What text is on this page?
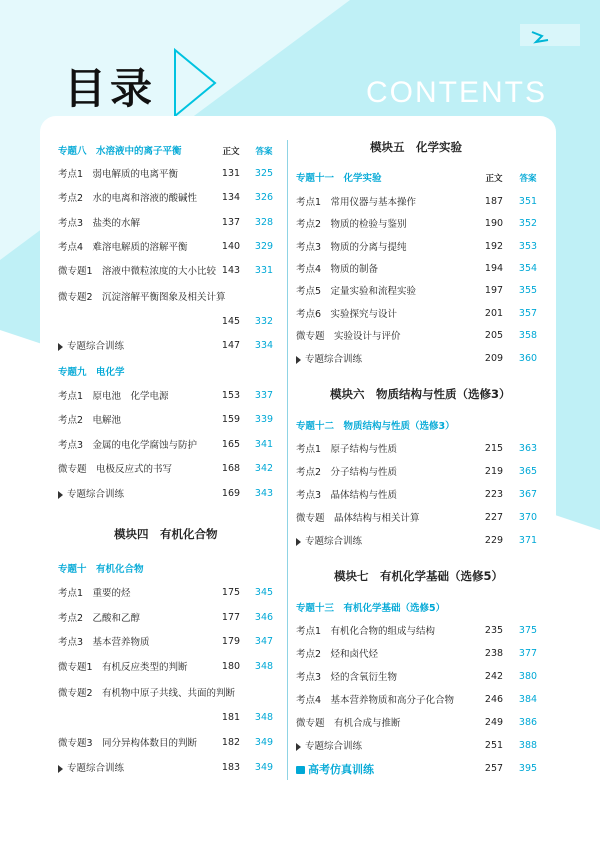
目录	CONTENTS
专题八　水溶液中的离子平衡	正文	答案
考点1　弱电解质的电离平衡	131	325
考点2　水的电离和溶液的酸碱性	134	326
考点3　盐类的水解	137	328
考点4　难溶电解质的溶解平衡	140	329
微专题1　溶液中微粒浓度的大小比较 143	331
微专题2　沉淀溶解平衡图象及相关计算
145	332
专题综合训练	147	334
专题九　电化学
考点1　原电池　化学电源	153	337
考点2　电解池	159	339
考点3　金属的电化学腐蚀与防护	165	341
微专题　电极反应式的书写	168	342
专题综合训练	169	343
模块四　有机化合物
专题十　有机化合物
考点1　重要的烃	175	345
考点2　乙酸和乙醇	177	346
考点3　基本营养物质	179	347
微专题1　有机反应类型的判断	180	348
微专题2　有机物中原子共线、共面的判断
181	348
微专题3　同分异构体数目的判断	182	349
专题综合训练	183	349
模块五　化学实验
专题十一　化学实验	正文	答案
考点1　常用仪器与基本操作	187	351
考点2　物质的检验与鉴别	190	352
考点3　物质的分离与提纯	192	353
考点4　物质的制备	194	354
考点5　定量实验和流程实验	197	355
考点6　实验探究与设计	201	357
微专题　实验设计与评价	205	358
专题综合训练	209	360
模块六　物质结构与性质（选修3）
专题十二　物质结构与性质（选修3）
考点1　原子结构与性质	215	363
考点2　分子结构与性质	219	365
考点3　晶体结构与性质	223	367
微专题　晶体结构与相关计算	227	370
专题综合训练	229	371
模块七　有机化学基础（选修5）
专题十三　有机化学基础（选修5）
考点1　有机化合物的组成与结构	235	375
考点2　烃和卤代烃	238	377
考点3　烃的含氧衍生物	242	380
考点4　基本营养物质和高分子化合物	246	384
微专题　有机合成与推断	249	386
专题综合训练	251	388
高考仿真训练	257	395
